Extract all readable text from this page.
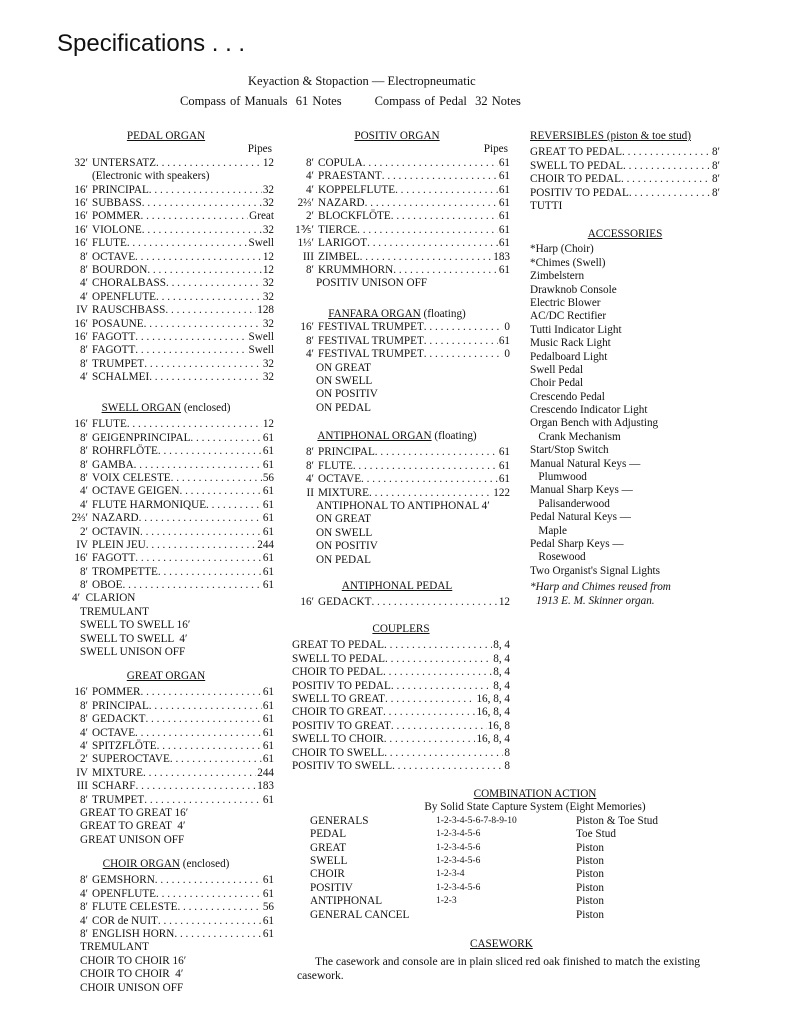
Specifications . . .
Keyaction & Stopaction — Electropneumatic
Compass of Manuals  61 Notes        Compass of Pedal  32 Notes
PEDAL ORGAN
Pipes
32′ UNTERSATZ . . .	12
(Electronic with speakers)
16′ PRINCIPAL . . .	32
16′ SUBBASS . . .	32
16′ POMMER . . .	Great
16′ VIOLONE . . .	32
16′ FLUTE . . .	Swell
8′ OCTAVE . . .	12
8′ BOURDON . . .	12
4′ CHORALBASS . . .	32
4′ OPENFLUTE . . .	32
IV RAUSCHBASS . . .	128
16′ POSAUNE . . .	32
16′ FAGOTT . . .	Swell
8′ FAGOTT . . .	Swell
8′ TRUMPET . . .	32
4′ SCHALMEI . . .	32
SWELL ORGAN (enclosed)
16′ FLUTE . . .	12
8′ GEIGENPRINCIPAL . . .	61
8′ ROHRFLÖTE . . .	61
8′ GAMBA . . .	61
8′ VOIX CELESTE . . .	56
4′ OCTAVE GEIGEN . . .	61
4′ FLUTE HARMONIQUE . . .	61
2⅔′ NAZARD . . .	61
2′ OCTAVIN . . .	61
IV PLEIN JEU . . .	244
16′ FAGOTT . . .	61
8′ TROMPETTE . . .	61
8′ OBOE . . .	61
4′  CLARION
TREMULANT
SWELL TO SWELL 16′
SWELL TO SWELL  4′
SWELL UNISON OFF
GREAT ORGAN
16′ POMMER . . .	61
8′ PRINCIPAL . . .	61
8′ GEDACKT . . .	61
4′ OCTAVE . . .	61
4′ SPITZFLÖTE . . .	61
2′ SUPEROCTAVE . . .	61
IV MIXTURE . . .	244
III SCHARF . . .	183
8′ TRUMPET . . .	61
GREAT TO GREAT 16′
GREAT TO GREAT  4′
GREAT UNISON OFF
CHOIR ORGAN (enclosed)
8′ GEMSHORN . . .	61
4′ OPENFLUTE . . .	61
8′ FLUTE CELESTE . . .	56
4′ COR de NUIT . . .	61
8′ ENGLISH HORN . . .	61
TREMULANT
CHOIR TO CHOIR 16′
CHOIR TO CHOIR  4′
CHOIR UNISON OFF
POSITIV ORGAN
Pipes
8′ COPULA . . .	61
4′ PRAESTANT . . .	61
4′ KOPPELFLUTE . . .	61
2⅔′ NAZARD . . .	61
2′ BLOCKFLÖTE . . .	61
1⅗′ TIERCE . . .	61
1⅓′ LARIGOT . . .	61
III ZIMBEL . . .	183
8′ KRUMMHORN . . .	61
POSITIV UNISON OFF
FANFARA ORGAN (floating)
16′ FESTIVAL TRUMPET . . .	0
8′ FESTIVAL TRUMPET . . .	61
4′ FESTIVAL TRUMPET . . .	0
ON GREAT
ON SWELL
ON POSITIV
ON PEDAL
ANTIPHONAL ORGAN (floating)
8′ PRINCIPAL . . .	61
8′ FLUTE . . .	61
4′ OCTAVE . . .	61
II MIXTURE . . .	122
ANTIPHONAL TO ANTIPHONAL 4′
ON GREAT
ON SWELL
ON POSITIV
ON PEDAL
ANTIPHONAL PEDAL
16′ GEDACKT . . .	12
COUPLERS
GREAT TO PEDAL . . .	8, 4
SWELL TO PEDAL . . .	8, 4
CHOIR TO PEDAL . . .	8, 4
POSITIV TO PEDAL . . .	8, 4
SWELL TO GREAT . . .	16, 8, 4
CHOIR TO GREAT . . .	16, 8, 4
POSITIV TO GREAT . . .	16, 8
SWELL TO CHOIR . . .	16, 8, 4
CHOIR TO SWELL . . .	8
POSITIV TO SWELL . . .	8
REVERSIBLES (piston & toe stud)
GREAT TO PEDAL . . .	8′
SWELL TO PEDAL . . .	8′
CHOIR TO PEDAL . . .	8′
POSITIV TO PEDAL . . .	8′
TUTTI
ACCESSORIES
*Harp (Choir)
*Chimes (Swell)
Zimbelstern
Drawknob Console
Electric Blower
AC/DC Rectifier
Tutti Indicator Light
Music Rack Light
Pedalboard Light
Swell Pedal
Choir Pedal
Crescendo Pedal
Crescendo Indicator Light
Organ Bench with Adjusting
Crank Mechanism
Start/Stop Switch
Manual Natural Keys —
Plumwood
Manual Sharp Keys —
Palisanderwood
Pedal Natural Keys —
Maple
Pedal Sharp Keys —
Rosewood
Two Organist's Signal Lights
*Harp and Chimes reused from
1913 E. M. Skinner organ.
COMBINATION ACTION
By Solid State Capture System (Eight Memories)
GENERALS	1-2-3-4-5-6-7-8-9-10	Piston & Toe Stud
PEDAL	1-2-3-4-5-6	Toe Stud
GREAT	1-2-3-4-5-6	Piston
SWELL	1-2-3-4-5-6	Piston
CHOIR	1-2-3-4	Piston
POSITIV	1-2-3-4-5-6	Piston
ANTIPHONAL	1-2-3	Piston
GENERAL CANCEL		Piston
CASEWORK
The casework and console are in plain sliced red oak finished to match the existing casework.
